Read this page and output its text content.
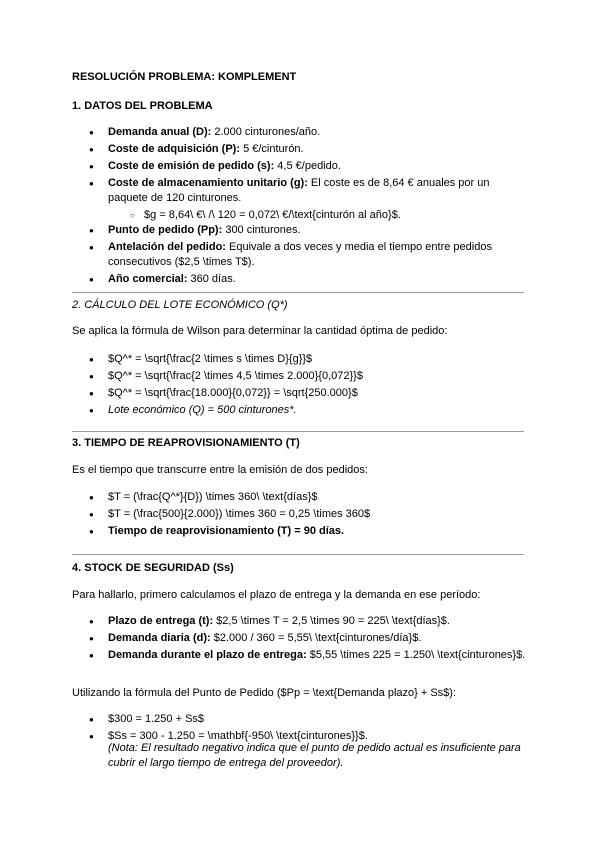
RESOLUCIÓN PROBLEMA: KOMPLEMENT
1. DATOS DEL PROBLEMA
● Demanda anual (D): 2.000 cinturones/año.
● Coste de adquisición (P): 5 €/cinturón.
● Coste de emisión de pedido (s): 4,5 €/pedido.
● Coste de almacenamiento unitario (g): El coste es de 8,64 € anuales por un paquete de 120 cinturones.
○ $g = 8,64\ €\ /\ 120 = 0,072\ €/\text{cinturón al año}$.
● Punto de pedido (Pp): 300 cinturones.
● Antelación del pedido: Equivale a dos veces y media el tiempo entre pedidos consecutivos ($2,5 \times T$).
● Año comercial: 360 días.
2. CÁLCULO DEL LOTE ECONÓMICO (Q*)
Se aplica la fórmula de Wilson para determinar la cantidad óptima de pedido:
● $Q^* = \sqrt{\frac{2 \times s \times D}{g}}$
● $Q^* = \sqrt{\frac{2 \times 4,5 \times 2.000}{0,072}}$
● $Q^* = \sqrt{\frac{18.000}{0,072}} = \sqrt{250.000}$
● Lote económico (Q) = 500 cinturones*.
3. TIEMPO DE REAPROVISIONAMIENTO (T)
Es el tiempo que transcurre entre la emisión de dos pedidos:
● $T = (\frac{Q^*}{D}) \times 360\ \text{días}$
● $T = (\frac{500}{2.000}) \times 360 = 0,25 \times 360$
● Tiempo de reaprovisionamiento (T) = 90 días.
4. STOCK DE SEGURIDAD (Ss)
Para hallarlo, primero calculamos el plazo de entrega y la demanda en ese período:
● Plazo de entrega (t): $2,5 \times T = 2,5 \times 90 = 225\ \text{días}$.
● Demanda diaria (d): $2.000 / 360 = 5,55\ \text{cinturones/día}$.
● Demanda durante el plazo de entrega: $5,55 \times 225 = 1.250\ \text{cinturones}$.
Utilizando la fórmula del Punto de Pedido ($Pp = \text{Demanda plazo} + Ss$):
● $300 = 1.250 + Ss$
● $Ss = 300 - 1.250 = \mathbf{-950\ \text{cinturones}}$.
(Nota: El resultado negativo indica que el punto de pedido actual es insuficiente para cubrir el largo tiempo de entrega del proveedor).
